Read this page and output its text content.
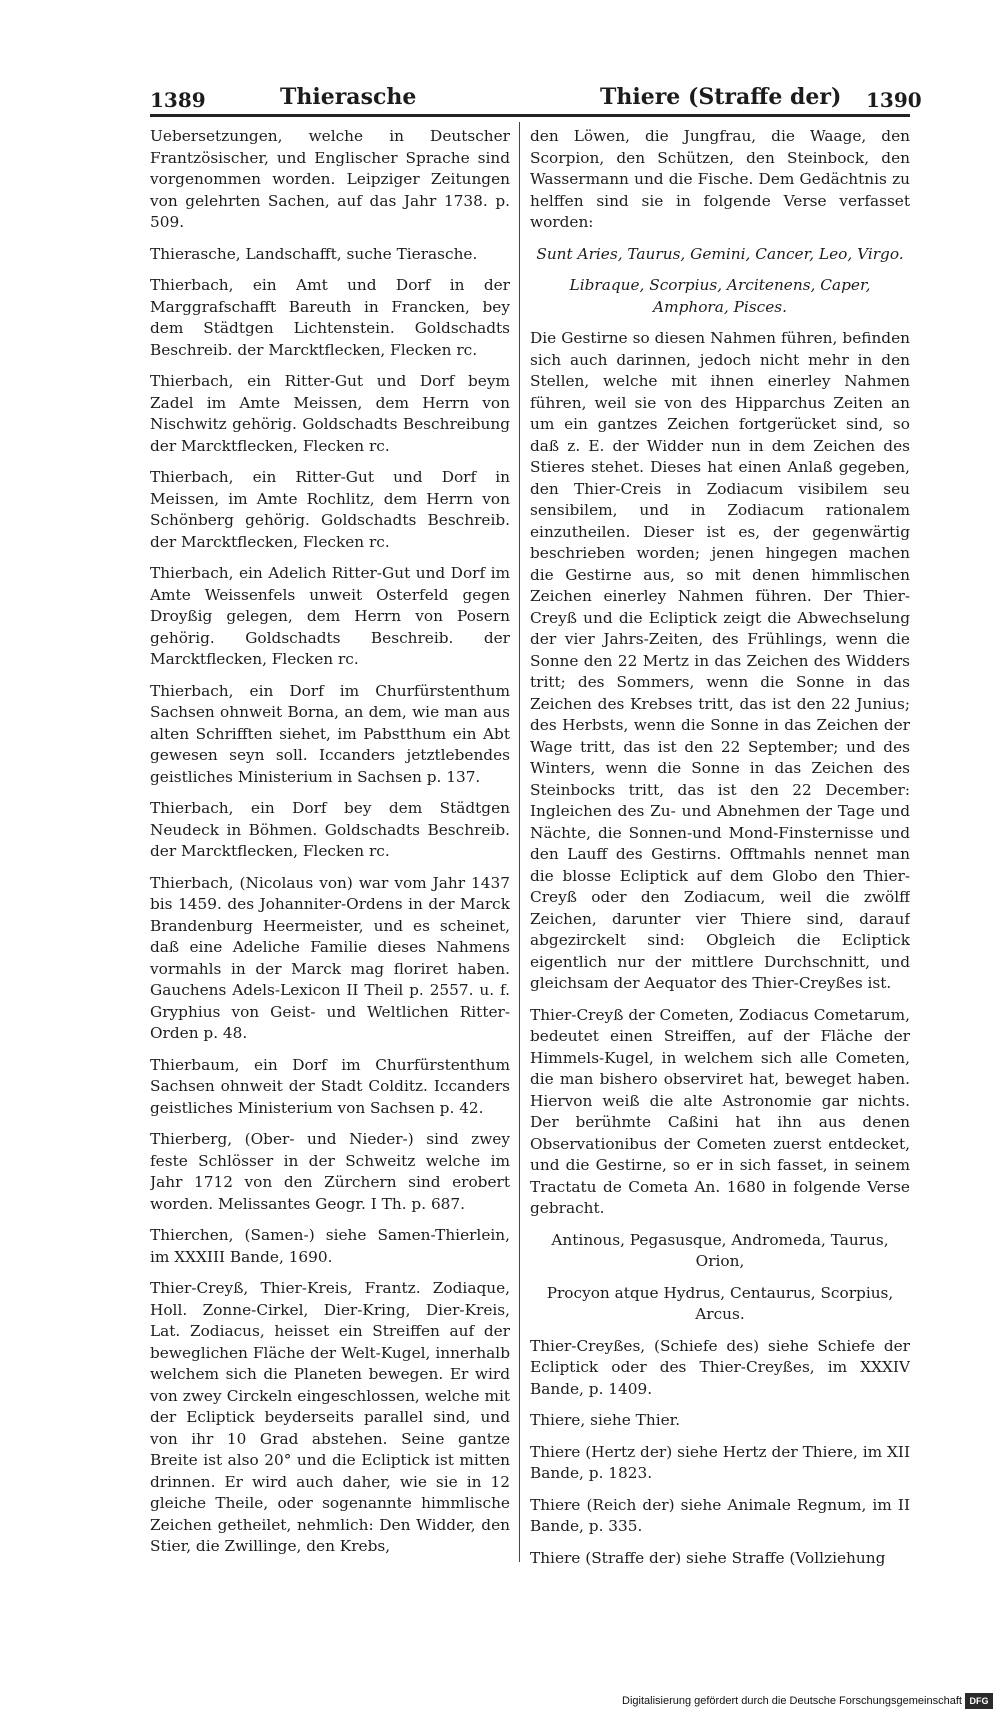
1389	Thierasche	Thiere (Straffe der) 1390

Uebersetzungen, welche in Deutscher Frantzösischer, und Englischer Sprache sind vorgenommen worden. Leipziger Zeitungen von gelehrten Sachen, auf das Jahr 1738. p. 509.

Thierasche, Landschafft, suche Tierasche.

Thierbach, ein Amt und Dorf in der Marggrafschafft Bareuth in Francken, bey dem Städtgen Lichtenstein. Goldschadts Beschreib. der Marcktflecken, Flecken rc.

Thierbach, ein Ritter-Gut und Dorf beym Zadel im Amte Meissen, dem Herrn von Nischwitz gehörig. Goldschadts Beschreibung der Marcktflecken, Flecken rc.

Thierbach, ein Ritter-Gut und Dorf in Meissen, im Amte Rochlitz, dem Herrn von Schönberg gehörig. Goldschadts Beschreib. der Marcktflecken, Flecken rc.

Thierbach, ein Adelich Ritter-Gut und Dorf im Amte Weissenfels unweit Osterfeld gegen Droyßig gelegen, dem Herrn von Posern gehörig. Goldschadts Beschreib. der Marcktflecken, Flecken rc.

Thierbach, ein Dorf im Churfürstenthum Sachsen ohnweit Borna, an dem, wie man aus alten Schrifften siehet, im Pabstthum ein Abt gewesen seyn soll. Iccanders jetztlebendes geistliches Ministerium in Sachsen p. 137.

Thierbach, ein Dorf bey dem Städtgen Neudeck in Böhmen. Goldschadts Beschreib. der Marcktflecken, Flecken rc.

Thierbach, (Nicolaus von) war vom Jahr 1437 bis 1459. des Johanniter-Ordens in der Marck Brandenburg Heermeister, und es scheinet, daß eine Adeliche Familie dieses Nahmens vormahls in der Marck mag floriret haben. Gauchens Adels-Lexicon II Theil p. 2557. u. f. Gryphius von Geist- und Weltlichen Ritter-Orden p. 48.

Thierbaum, ein Dorf im Churfürstenthum Sachsen ohnweit der Stadt Colditz. Iccanders geistliches Ministerium von Sachsen p. 42.

Thierberg, (Ober- und Nieder-) sind zwey feste Schlösser in der Schweitz welche im Jahr 1712 von den Zürchern sind erobert worden. Melissantes Geogr. I Th. p. 687.

Thierchen, (Samen-) siehe Samen-Thierlein, im XXXIII Bande, 1690.

Thier-Creyß, Thier-Kreis, Frantz. Zodiaque, Holl. Zonne-Cirkel, Dier-Kring, Dier-Kreis, Lat. Zodiacus, heisset ein Streiffen auf der beweglichen Fläche der Welt-Kugel, innerhalb welchem sich die Planeten bewegen. Er wird von zwey Circkeln eingeschlossen, welche mit der Ecliptick beyderseits parallel sind, und von ihr 10 Grad abstehen. Seine gantze Breite ist also 20° und die Ecliptick ist mitten drinnen. Er wird auch daher, wie sie in 12 gleiche Theile, oder sogenannte himmlische Zeichen getheilet, nehmlich: Den Widder, den Stier, die Zwillinge, den Krebs,

den Löwen, die Jungfrau, die Waage, den Scorpion, den Schützen, den Steinbock, den Wassermann und die Fische. Dem Gedächtnis zu helffen sind sie in folgende Verse verfasset worden:

Sunt Aries, Taurus, Gemini, Cancer, Leo, Virgo.
Libraque, Scorpius, Arcitenens, Caper, Amphora, Pisces.

Die Gestirne so diesen Nahmen führen, befinden sich auch darinnen, jedoch nicht mehr in den Stellen, welche mit ihnen einerley Nahmen führen, weil sie von des Hipparchus Zeiten an um ein gantzes Zeichen fortgerücket sind, so daß z. E. der Widder nun in dem Zeichen des Stieres stehet. Dieses hat einen Anlaß gegeben, den Thier-Creis in Zodiacum visibilem seu sensibilem, und in Zodiacum rationalem einzutheilen. Dieser ist es, der gegenwärtig beschrieben worden; jenen hingegen machen die Gestirne aus, so mit denen himmlischen Zeichen einerley Nahmen führen. Der Thier-Creyß und die Ecliptick zeigt die Abwechselung der vier Jahrs-Zeiten, des Frühlings, wenn die Sonne den 22 Mertz in das Zeichen des Widders tritt; des Sommers, wenn die Sonne in das Zeichen des Krebses tritt, das ist den 22 Junius; des Herbsts, wenn die Sonne in das Zeichen der Wage tritt, das ist den 22 September; und des Winters, wenn die Sonne in das Zeichen des Steinbocks tritt, das ist den 22 December: Ingleichen des Zu- und Abnehmen der Tage und Nächte, die Sonnen-und Mond-Finsternisse und den Lauff des Gestirns. Offtmahls nennet man die blosse Ecliptick auf dem Globo den Thier-Creyß oder den Zodiacum, weil die zwölff Zeichen, darunter vier Thiere sind, darauf abgezirckelt sind: Obgleich die Ecliptick eigentlich nur der mittlere Durchschnitt, und gleichsam der Aequator des Thier-Creyßes ist.

Thier-Creyß der Cometen, Zodiacus Cometarum, bedeutet einen Streiffen, auf der Fläche der Himmels-Kugel, in welchem sich alle Cometen, die man bishero observiret hat, beweget haben. Hiervon weiß die alte Astronomie gar nichts. Der berühmte Caßini hat ihn aus denen Observationibus der Cometen zuerst entdecket, und die Gestirne, so er in sich fasset, in seinem Tractatu de Cometa An. 1680 in folgende Verse gebracht.

Antinous, Pegasusque, Andromeda, Taurus, Orion,
Procyon atque Hydrus, Centaurus, Scorpius, Arcus.

Thier-Creyßes, (Schiefe des) siehe Schiefe der Ecliptick oder des Thier-Creyßes, im XXXIV Bande, p. 1409.

Thiere, siehe Thier.

Thiere (Hertz der) siehe Hertz der Thiere, im XII Bande, p. 1823.

Thiere (Reich der) siehe Animale Regnum, im II Bande, p. 335.

Thiere (Straffe der) siehe Straffe (Vollziehung

Digitalisierung gefördert durch die Deutsche Forschungsgemeinschaft DFG
